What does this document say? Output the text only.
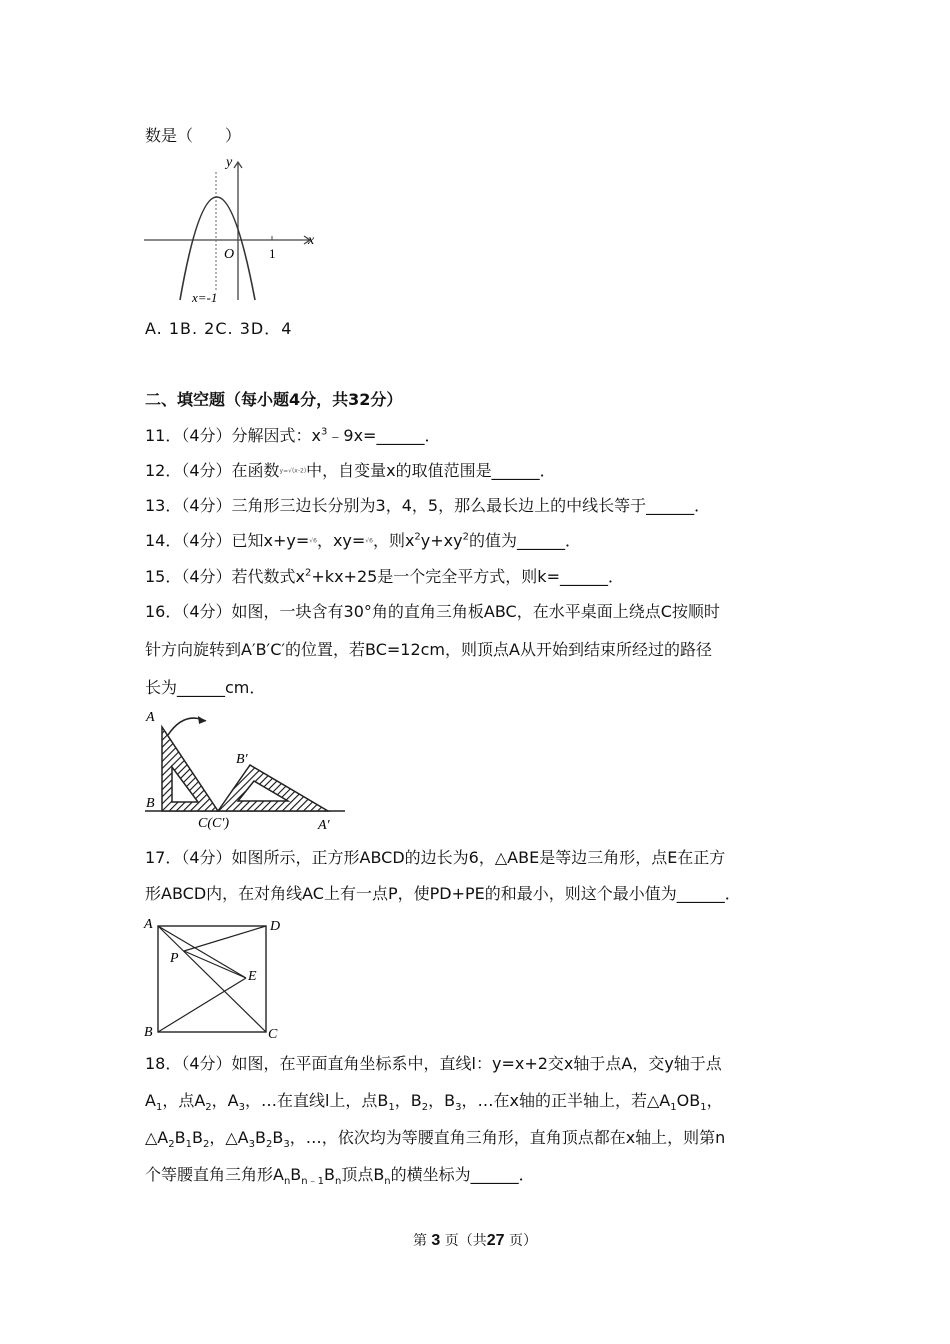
数是（　　）
y
x
O	1
x=-1
A. 1B. 2C. 3D．4
二、填空题（每小题4分，共32分）
11．（4分）分解因式：$x^3﹣9x=\_\_\_\_\_\_$．
12．（4分）在函数y=√(x-2)中，自变量x的取值范围是______．
13．（4分）三角形三边长分别为3，4，5，那么最长边上的中线长等于______．
14．（4分）已知x+y=√6，xy=√6，则$x^2y+xy^2$的值为______．
15．（4分）若代数式$x^2+kx+25$是一个完全平方式，则k=______．
16．（4分）如图，一块含有30°角的直角三角板ABC，在水平桌面上绕点C按顺时
针方向旋转到A′B′C′的位置，若BC=12cm，则顶点A从开始到结束所经过的路径
长为______cm．
A
B
C(C′)
B′
A′
17．（4分）如图所示，正方形ABCD的边长为6，△ABE是等边三角形，点E在正方
形ABCD内，在对角线AC上有一点P，使PD+PE的和最小，则这个最小值为______．
A	D
P
E
B	C
18．（4分）如图，在平面直角坐标系中，直线l：y=x+2交x轴于点A，交y轴于点
$A_1$，点$A_2$，$A_3$，…在直线l上，点$B_1$，$B_2$，$B_3$，…在x轴的正半轴上，若$\triangle A_1OB_1$，
$\triangle A_2B_1B_2$，$\triangle A_3B_2B_3$，…，依次均为等腰直角三角形，直角顶点都在x轴上，则第n
个等腰直角三角形$A_nB_{n﹣1}B_n$顶点$B_n$的横坐标为______．
第 3 页（共27 页）
